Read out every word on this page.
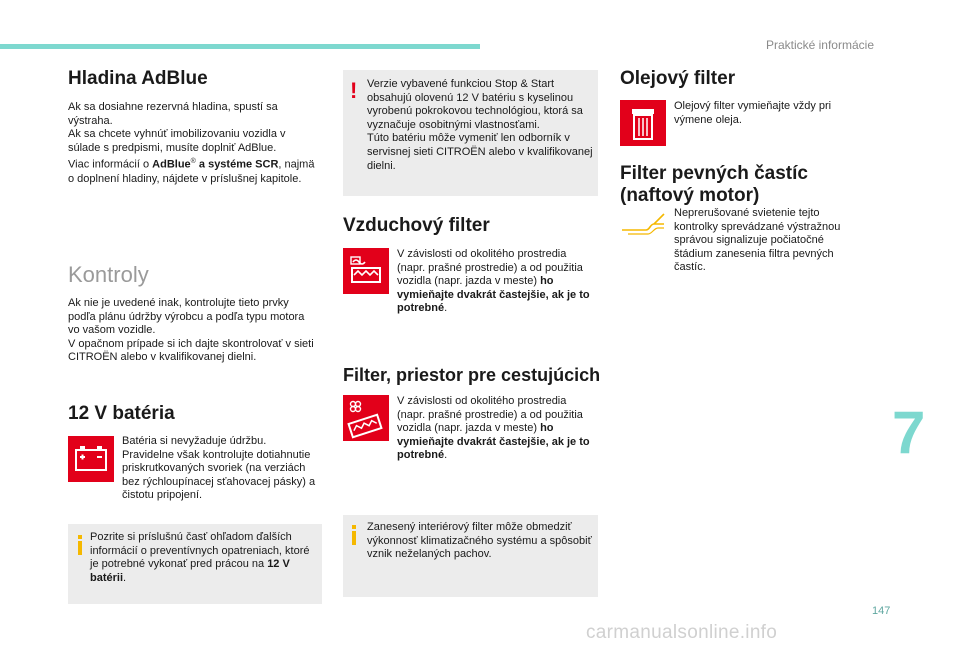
Praktické informácie
Hladina AdBlue
Ak sa dosiahne rezervná hladina, spustí sa výstraha.
Ak sa chcete vyhnúť imobilizovaniu vozidla v súlade s predpismi, musíte doplniť AdBlue.
Viac informácií o AdBlue® a systéme SCR, najmä o doplnení hladiny, nájdete v príslušnej kapitole.
Kontroly
Ak nie je uvedené inak, kontrolujte tieto prvky podľa plánu údržby výrobcu a podľa typu motora vo vašom vozidle.
V opačnom prípade si ich dajte skontrolovať v sieti CITROËN alebo v kvalifikovanej dielni.
12 V batéria
Batéria si nevyžaduje údržbu.
Pravidelne však kontrolujte dotiahnutie priskrutkovaných svoriek (na verziách bez rýchloupínacej sťahovacej pásky) a čistotu pripojení.
Pozrite si príslušnú časť ohľadom ďalších informácií o preventívnych opatreniach, ktoré je potrebné vykonať pred prácou na 12 V batérii.
! Verzie vybavené funkciou Stop & Start obsahujú olovenú 12 V batériu s kyselinou vyrobenú pokrokovou technológiou, ktorá sa vyznačuje osobitnými vlastnosťami.
Túto batériu môže vymeniť len odborník v servisnej sieti CITROËN alebo v kvalifikovanej dielni.
Vzduchový filter
V závislosti od okolitého prostredia (napr. prašné prostredie) a od použitia vozidla (napr. jazda v meste) ho vymieňajte dvakrát častejšie, ak je to potrebné.
Filter, priestor pre cestujúcich
V závislosti od okolitého prostredia (napr. prašné prostredie) a od použitia vozidla (napr. jazda v meste) ho vymieňajte dvakrát častejšie, ak je to potrebné.
Zanesený interiérový filter môže obmedziť výkonnosť klimatizačného systému a spôsobiť vznik neželaných pachov.
Olejový filter
Olejový filter vymieňajte vždy pri výmene oleja.
Filter pevných častíc
(naftový motor)
Neprerušované svietenie tejto kontrolky sprevádzané výstražnou správou signalizuje počiatočné štádium zanesenia filtra pevných častíc.
7
147
carmanualsonline.info
